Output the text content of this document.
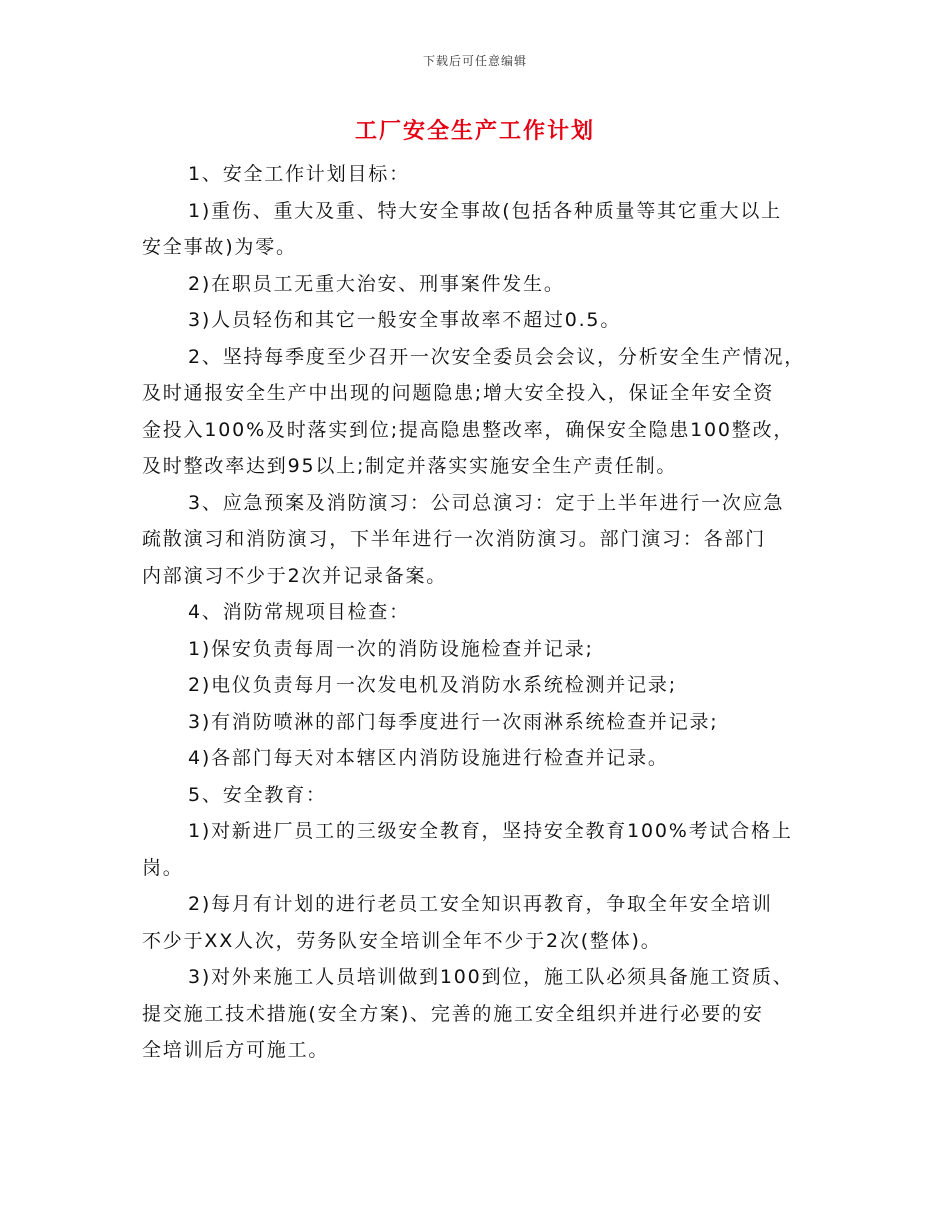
下载后可任意编辑
工厂安全生产工作计划

1、安全工作计划目标：

1)重伤、重大及重、特大安全事故(包括各种质量等其它重大以上

安全事故)为零。

2)在职员工无重大治安、刑事案件发生。

3)人员轻伤和其它一般安全事故率不超过0.5。

2、坚持每季度至少召开一次安全委员会会议，分析安全生产情况，

及时通报安全生产中出现的问题隐患;增大安全投入，保证全年安全资

金投入100%及时落实到位;提高隐患整改率，确保安全隐患100整改，

及时整改率达到95以上;制定并落实实施安全生产责任制。

3、应急预案及消防演习：公司总演习：定于上半年进行一次应急

疏散演习和消防演习，下半年进行一次消防演习。部门演习：各部门

内部演习不少于2次并记录备案。

4、消防常规项目检查：

1)保安负责每周一次的消防设施检查并记录;

2)电仪负责每月一次发电机及消防水系统检测并记录;

3)有消防喷淋的部门每季度进行一次雨淋系统检查并记录;

4)各部门每天对本辖区内消防设施进行检查并记录。

5、安全教育：

1)对新进厂员工的三级安全教育，坚持安全教育100%考试合格上

岗。

2)每月有计划的进行老员工安全知识再教育，争取全年安全培训

不少于XX人次，劳务队安全培训全年不少于2次(整体)。

3)对外来施工人员培训做到100到位，施工队必须具备施工资质、

提交施工技术措施(安全方案)、完善的施工安全组织并进行必要的安

全培训后方可施工。
